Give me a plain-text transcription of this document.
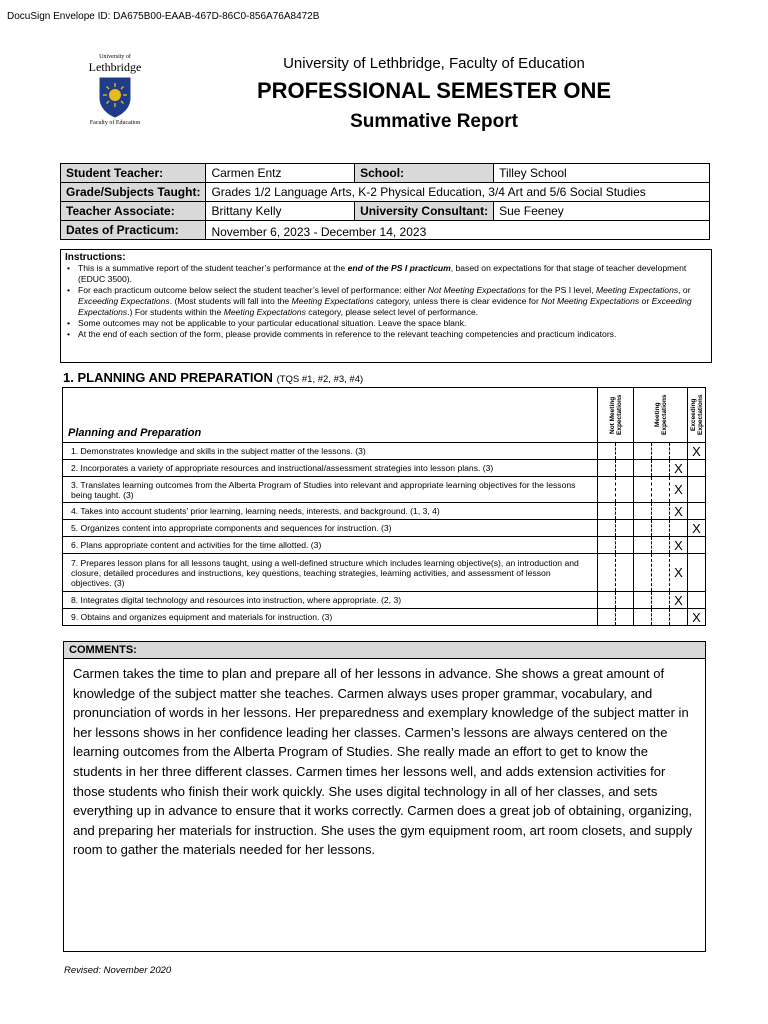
DocuSign Envelope ID: DA675B00-EAAB-467D-86C0-856A76A8472B
University of
Lethbridge
Faculty of Education
University of Lethbridge, Faculty of Education
PROFESSIONAL SEMESTER ONE
Summative Report
Student Teacher:	Carmen Entz	School:	Tilley School
Grade/Subjects Taught:	Grades 1/2 Language Arts, K-2 Physical Education, 3/4 Art and 5/6 Social Studies		
Teacher Associate:	Brittany Kelly	University Consultant:	Sue Feeney
Dates of Practicum:	November 6, 2023 - December 14, 2023		
Instructions:
• This is a summative report of the student teacher’s performance at the end of the PS I practicum, based on expectations for that stage of teacher development (EDUC 3500).
• For each practicum outcome below select the student teacher’s level of performance: either Not Meeting Expectations for the PS I level, Meeting Expectations, or Exceeding Expectations. (Most students will fall into the Meeting Expectations category, unless there is clear evidence for Not Meeting Expectations or Exceeding Expectations.) For students within the Meeting Expectations category, please select level of performance.
• Some outcomes may not be applicable to your particular educational situation. Leave the space blank.
• At the end of each section of the form, please provide comments in reference to the relevant teaching competencies and practicum indicators.
1. PLANNING AND PREPARATION (TQS #1, #2, #3, #4)
Planning and Preparation	Not Meeting Expectations		Meeting Expectations			Exceeding Expectations

1. Demonstrates knowledge and skills in the subject matter of the lessons. (3)						X
2. Incorporates a variety of appropriate resources and instructional/assessment strategies into lesson plans. (3)					X	
3. Translates learning outcomes from the Alberta Program of Studies into relevant and appropriate learning objectives for the lessons being taught. (3)					X	
4. Takes into account students’ prior learning, learning needs, interests, and background. (1, 3, 4)					X	
5. Organizes content into appropriate components and sequences for instruction. (3)						X
6. Plans appropriate content and activities for the time allotted. (3)					X	
7. Prepares lesson plans for all lessons taught, using a well-defined structure which includes learning objective(s), an introduction and closure, detailed procedures and instructions, key questions, teaching strategies, learning activities, and assessment of lesson objectives. (3)					X	
8. Integrates digital technology and resources into instruction, where appropriate. (2, 3)					X	
9. Obtains and organizes equipment and materials for instruction. (3)						X
COMMENTS:
Carmen takes the time to plan and prepare all of her lessons in advance. She shows a great amount of knowledge of the subject matter she teaches. Carmen always uses proper grammar, vocabulary, and pronunciation of words in her lessons. Her preparedness and exemplary knowledge of the subject matter in her lessons shows in her confidence leading her classes. Carmen’s lessons are always centered on the learning outcomes from the Alberta Program of Studies. She really made an effort to get to know the students in her three different classes. Carmen times her lessons well, and adds extension activities for those students who finish their work quickly. She uses digital technology in all of her classes, and sets everything up in advance to ensure that it works correctly. Carmen does a great job of obtaining, organizing, and preparing her materials for instruction. She uses the gym equipment room, art room closets, and supply room to gather the materials needed for her lessons.
Revised: November 2020
